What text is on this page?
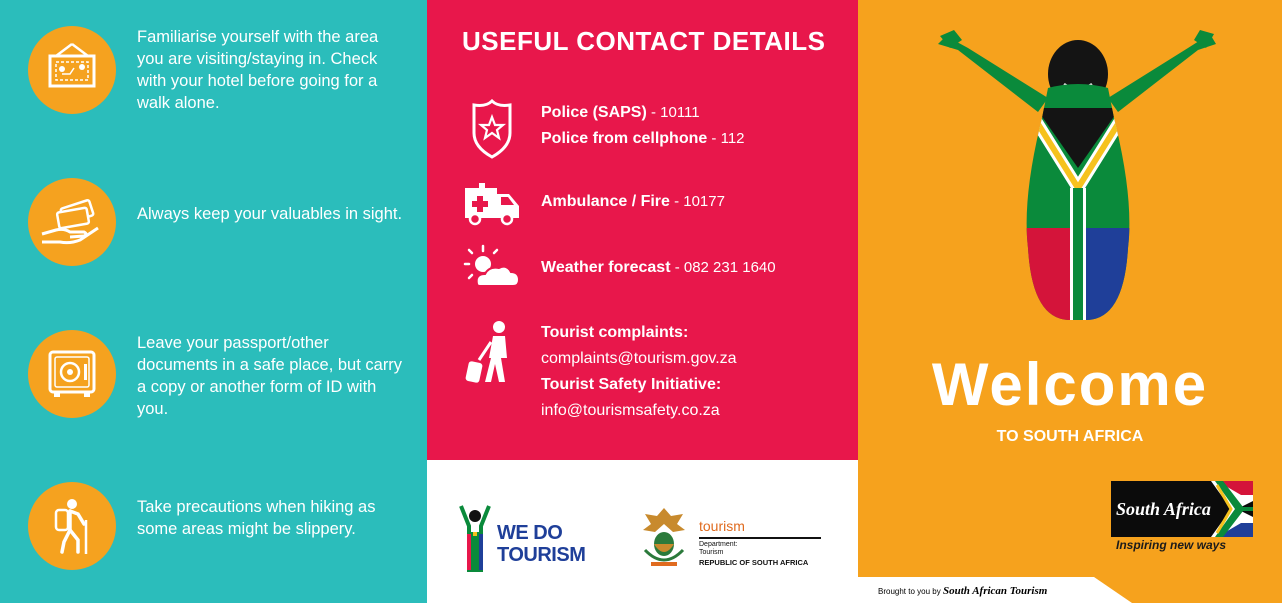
Familiarise yourself with the area you are visiting/staying in. Check with your hotel before going for a walk alone.
Always keep your valuables in sight.
Leave your passport/other documents in a safe place, but carry a copy or another form of ID with you.
Take precautions when hiking as some areas might be slippery.
USEFUL CONTACT DETAILS
Police (SAPS) - 10111
Police from cellphone - 112
Ambulance / Fire - 10177
Weather forecast - 082 231 1640
Tourist complaints:
complaints@tourism.gov.za
Tourist Safety Initiative:
info@tourismsafety.co.za
WE DO
TOURISM
tourism
Department:
Tourism
REPUBLIC OF SOUTH AFRICA
Welcome
TO SOUTH AFRICA
South Africa
Inspiring new ways
Brought to you by South African Tourism
